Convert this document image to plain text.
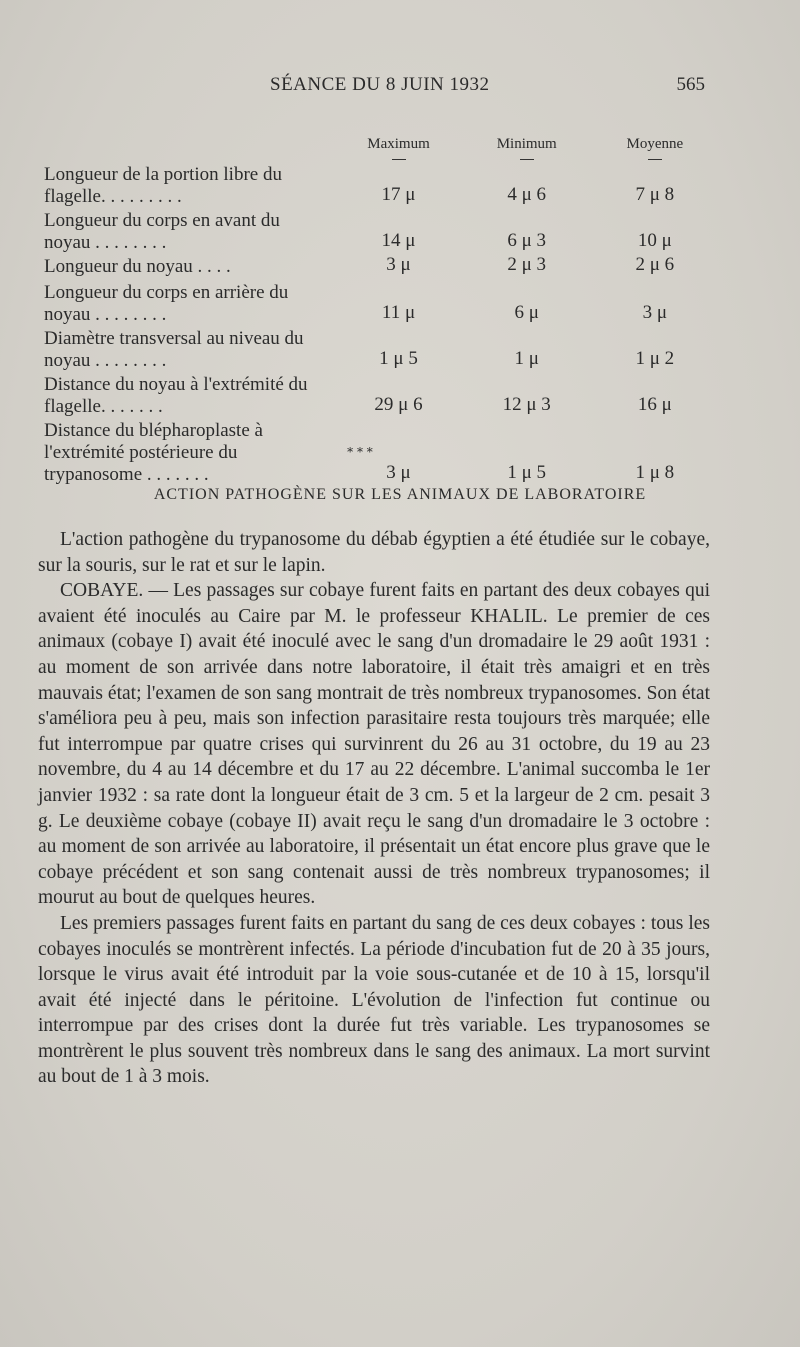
SÉANCE DU 8 JUIN 1932	565
	Maximum	Minimum	Moyenne

Longueur de la portion libre du flagelle. . . . . . . . .	17 μ	4 μ 6	7 μ 8
Longueur du corps en avant du noyau . . . . . . . .	14 μ	6 μ 3	10 μ
Longueur du noyau . . . .	3 μ	2 μ 3	2 μ 6
Longueur du corps en arrière du noyau . . . . . . . .	11 μ	6 μ	3 μ
Diamètre transversal au niveau du noyau . . . . . . . .	1 μ 5	1 μ	1 μ 2
Distance du noyau à l'extrémité du flagelle. . . . . . .	29 μ 6	12 μ 3	16 μ
Distance du blépharoplaste à l'extrémité postérieure du trypanosome . . . . . . .	3 μ	1 μ 5	1 μ 8
* * *
ACTION PATHOGÈNE SUR LES ANIMAUX DE LABORATOIRE

L'action pathogène du trypanosome du débab égyptien a été étudiée sur le cobaye, sur la souris, sur le rat et sur le lapin.

COBAYE. — Les passages sur cobaye furent faits en partant des deux cobayes qui avaient été inoculés au Caire par M. le professeur KHALIL. Le premier de ces animaux (cobaye I) avait été inoculé avec le sang d'un dromadaire le 29 août 1931 : au moment de son arrivée dans notre laboratoire, il était très amaigri et en très mauvais état; l'examen de son sang montrait de très nombreux trypanosomes. Son état s'améliora peu à peu, mais son infection parasitaire resta toujours très marquée; elle fut interrompue par quatre crises qui survinrent du 26 au 31 octobre, du 19 au 23 novembre, du 4 au 14 décembre et du 17 au 22 décembre. L'animal succomba le 1er janvier 1932 : sa rate dont la longueur était de 3 cm. 5 et la largeur de 2 cm. pesait 3 g. Le deuxième cobaye (cobaye II) avait reçu le sang d'un dromadaire le 3 octobre : au moment de son arrivée au laboratoire, il présentait un état encore plus grave que le cobaye précédent et son sang contenait aussi de très nombreux trypanosomes; il mourut au bout de quelques heures.

Les premiers passages furent faits en partant du sang de ces deux cobayes : tous les cobayes inoculés se montrèrent infectés. La période d'incubation fut de 20 à 35 jours, lorsque le virus avait été introduit par la voie sous-cutanée et de 10 à 15, lorsqu'il avait été injecté dans le péritoine. L'évolution de l'infection fut continue ou interrompue par des crises dont la durée fut très variable. Les trypanosomes se montrèrent le plus souvent très nombreux dans le sang des animaux. La mort survint au bout de 1 à 3 mois.
